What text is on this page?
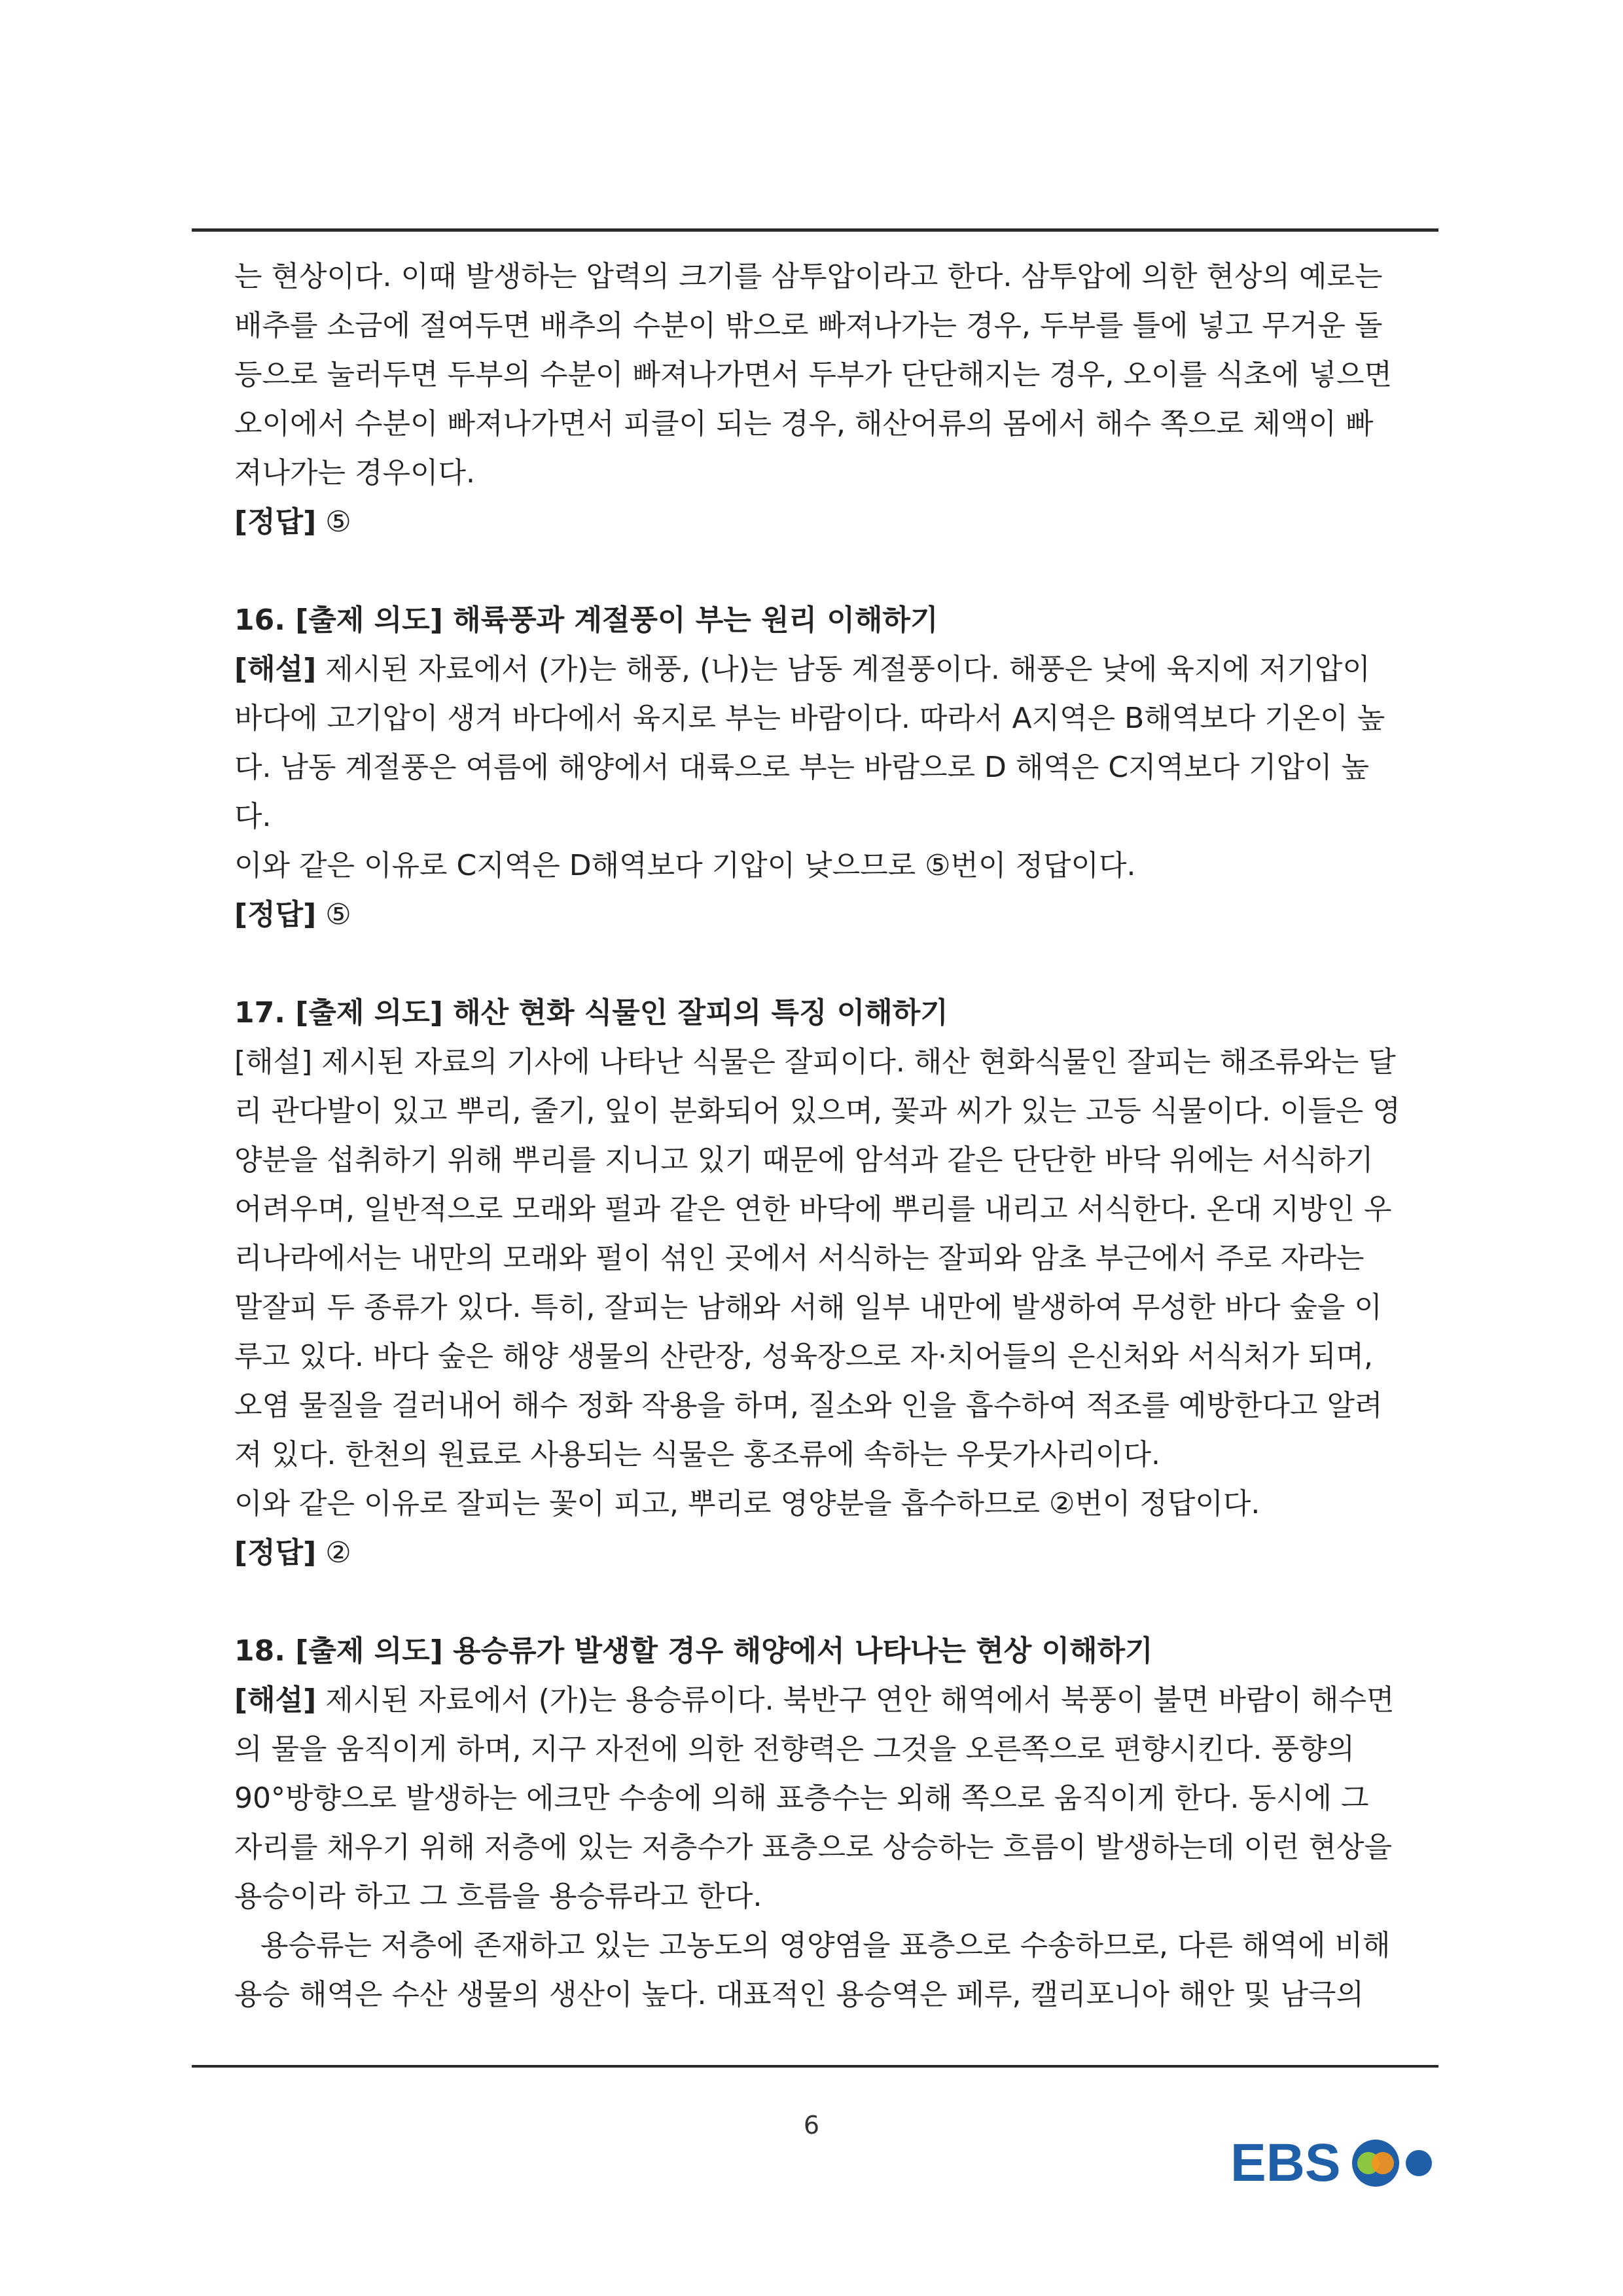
는 현상이다. 이때 발생하는 압력의 크기를 삼투압이라고 한다. 삼투압에 의한 현상의 예로는 배추를 소금에 절여두면 배추의 수분이 밖으로 빠져나가는 경우, 두부를 틀에 넣고 무거운 돌 등으로 눌러두면 두부의 수분이 빠져나가면서 두부가 단단해지는 경우, 오이를 식초에 넣으면 오이에서 수분이 빠져나가면서 피클이 되는 경우, 해산어류의 몸에서 해수 쪽으로 체액이 빠져나가는 경우이다.

[정답] ⑤

16. [출제 의도] 해륙풍과 계절풍이 부는 원리 이해하기

[해설] 제시된 자료에서 (가)는 해풍, (나)는 남동 계절풍이다. 해풍은 낮에 육지에 저기압이 바다에 고기압이 생겨 바다에서 육지로 부는 바람이다. 따라서 A지역은 B해역보다 기온이 높다. 남동 계절풍은 여름에 해양에서 대륙으로 부는 바람으로 D 해역은 C지역보다 기압이 높다.

이와 같은 이유로 C지역은 D해역보다 기압이 낮으므로 ⑤번이 정답이다.

[정답] ⑤

17. [출제 의도] 해산 현화 식물인 잘피의 특징 이해하기

[해설] 제시된 자료의 기사에 나타난 식물은 잘피이다. 해산 현화식물인 잘피는 해조류와는 달리 관다발이 있고 뿌리, 줄기, 잎이 분화되어 있으며, 꽃과 씨가 있는 고등 식물이다. 이들은 영양분을 섭취하기 위해 뿌리를 지니고 있기 때문에 암석과 같은 단단한 바닥 위에는 서식하기 어려우며, 일반적으로 모래와 펄과 같은 연한 바닥에 뿌리를 내리고 서식한다. 온대 지방인 우리나라에서는 내만의 모래와 펄이 섞인 곳에서 서식하는 잘피와 암초 부근에서 주로 자라는 말잘피 두 종류가 있다. 특히, 잘피는 남해와 서해 일부 내만에 발생하여 무성한 바다 숲을 이루고 있다. 바다 숲은 해양 생물의 산란장, 성육장으로 자·치어들의 은신처와 서식처가 되며, 오염 물질을 걸러내어 해수 정화 작용을 하며, 질소와 인을 흡수하여 적조를 예방한다고 알려져 있다. 한천의 원료로 사용되는 식물은 홍조류에 속하는 우뭇가사리이다.

이와 같은 이유로 잘피는 꽃이 피고, 뿌리로 영양분을 흡수하므로 ②번이 정답이다.

[정답] ②

18. [출제 의도] 용승류가 발생할 경우 해양에서 나타나는 현상 이해하기

[해설] 제시된 자료에서 (가)는 용승류이다. 북반구 연안 해역에서 북풍이 불면 바람이 해수면의 물을 움직이게 하며, 지구 자전에 의한 전향력은 그것을 오른쪽으로 편향시킨다. 풍향의 90°방향으로 발생하는 에크만 수송에 의해 표층수는 외해 쪽으로 움직이게 한다. 동시에 그 자리를 채우기 위해 저층에 있는 저층수가 표층으로 상승하는 흐름이 발생하는데 이런 현상을 용승이라 하고 그 흐름을 용승류라고 한다.

용승류는 저층에 존재하고 있는 고농도의 영양염을 표층으로 수송하므로, 다른 해역에 비해 용승 해역은 수산 생물의 생산이 높다. 대표적인 용승역은 페루, 캘리포니아 해안 및 남극의

6
EBS
